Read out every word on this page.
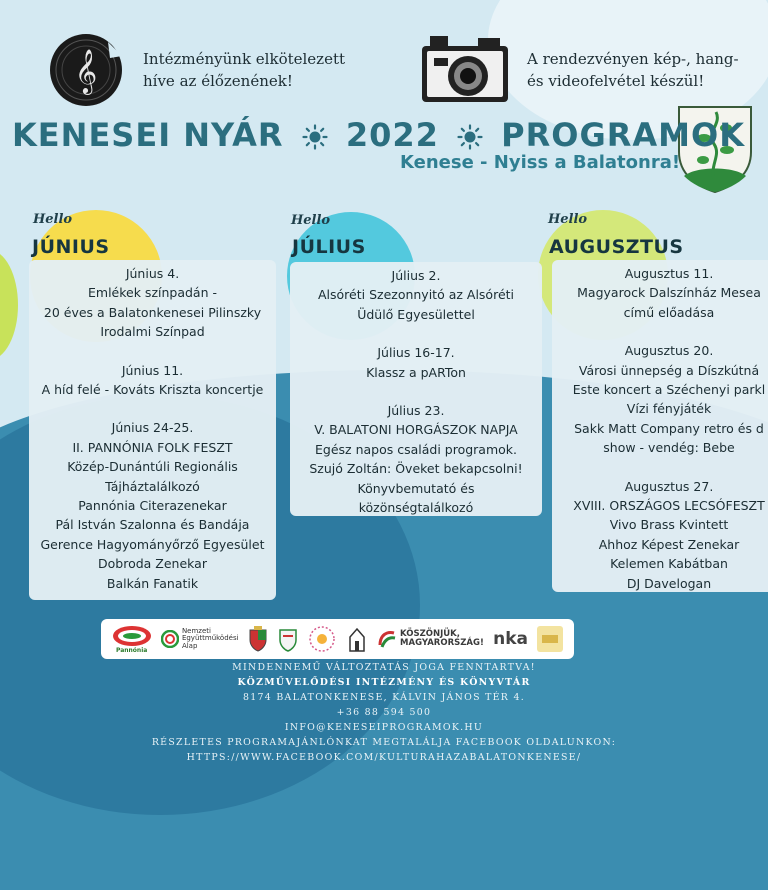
𝄞	Intézményünk elkötelezett
híve az élőzenének!
A rendezvényen kép-, hang-
és videofelvétel készül!
KENESEI NYÁR 2022 PROGRAMOK
Kenese - Nyiss a Balatonra!
Hello
JÚNIUS
Hello
JÚLIUS
Hello
AUGUSZTUS
Június 4.
Emlékek színpadán -
20 éves a Balatonkenesei Pilinszky
Irodalmi Színpad
Június 11.
A híd felé - Kováts Kriszta koncertje
Június 24-25.
II. PANNÓNIA FOLK FESZT
Közép-Dunántúli Regionális
Tájháztalálkozó
Pannónia Citerazenekar
Pál István Szalonna és Bandája
Gerence Hagyományőrző Egyesület
Dobroda Zenekar
Balkán Fanatik
Július 2.
Alsóréti Szezonnyitó az Alsóréti
Üdülő Egyesülettel
Július 16-17.
Klassz a pARTon
Július 23.
V. BALATONI HORGÁSZOK NAPJA
Egész napos családi programok.
Szujó Zoltán: Öveket bekapcsolni!
Könyvbemutató és
közönségtalálkozó
Augusztus 11.
Magyarock Dalszínház Mesea
című előadása
Augusztus 20.
Városi ünnepség a Díszkútná
Este koncert a Széchenyi parkl
Vízi fényjáték
Sakk Matt Company retro és d
show - vendég: Bebe
Augusztus 27.
XVIII. ORSZÁGOS LECSÓFESZT
Vivo Brass Kvintett
Ahhoz Képest Zenekar
Kelemen Kabátban
DJ Davelogan
Pannónia
Nemzeti
Együttműködési
Alap
KÖSZÖNJÜK,
MAGYARORSZÁG! nka
MINDENNEMŰ VÁLTOZTATÁS JOGA FENNTARTVA!
KÖZMŰVELŐDÉSI INTÉZMÉNY ÉS KÖNYVTÁR
8174 BALATONKENESE, KÁLVIN JÁNOS TÉR 4.
+36 88 594 500
INFO@KENESEIPROGRAMOK.HU
RÉSZLETES PROGRAMAJÁNLÓNKAT MEGTALÁLJA FACEBOOK OLDALUNKON:
HTTPS://WWW.FACEBOOK.COM/KULTURAHAZABALATONKENESE/
